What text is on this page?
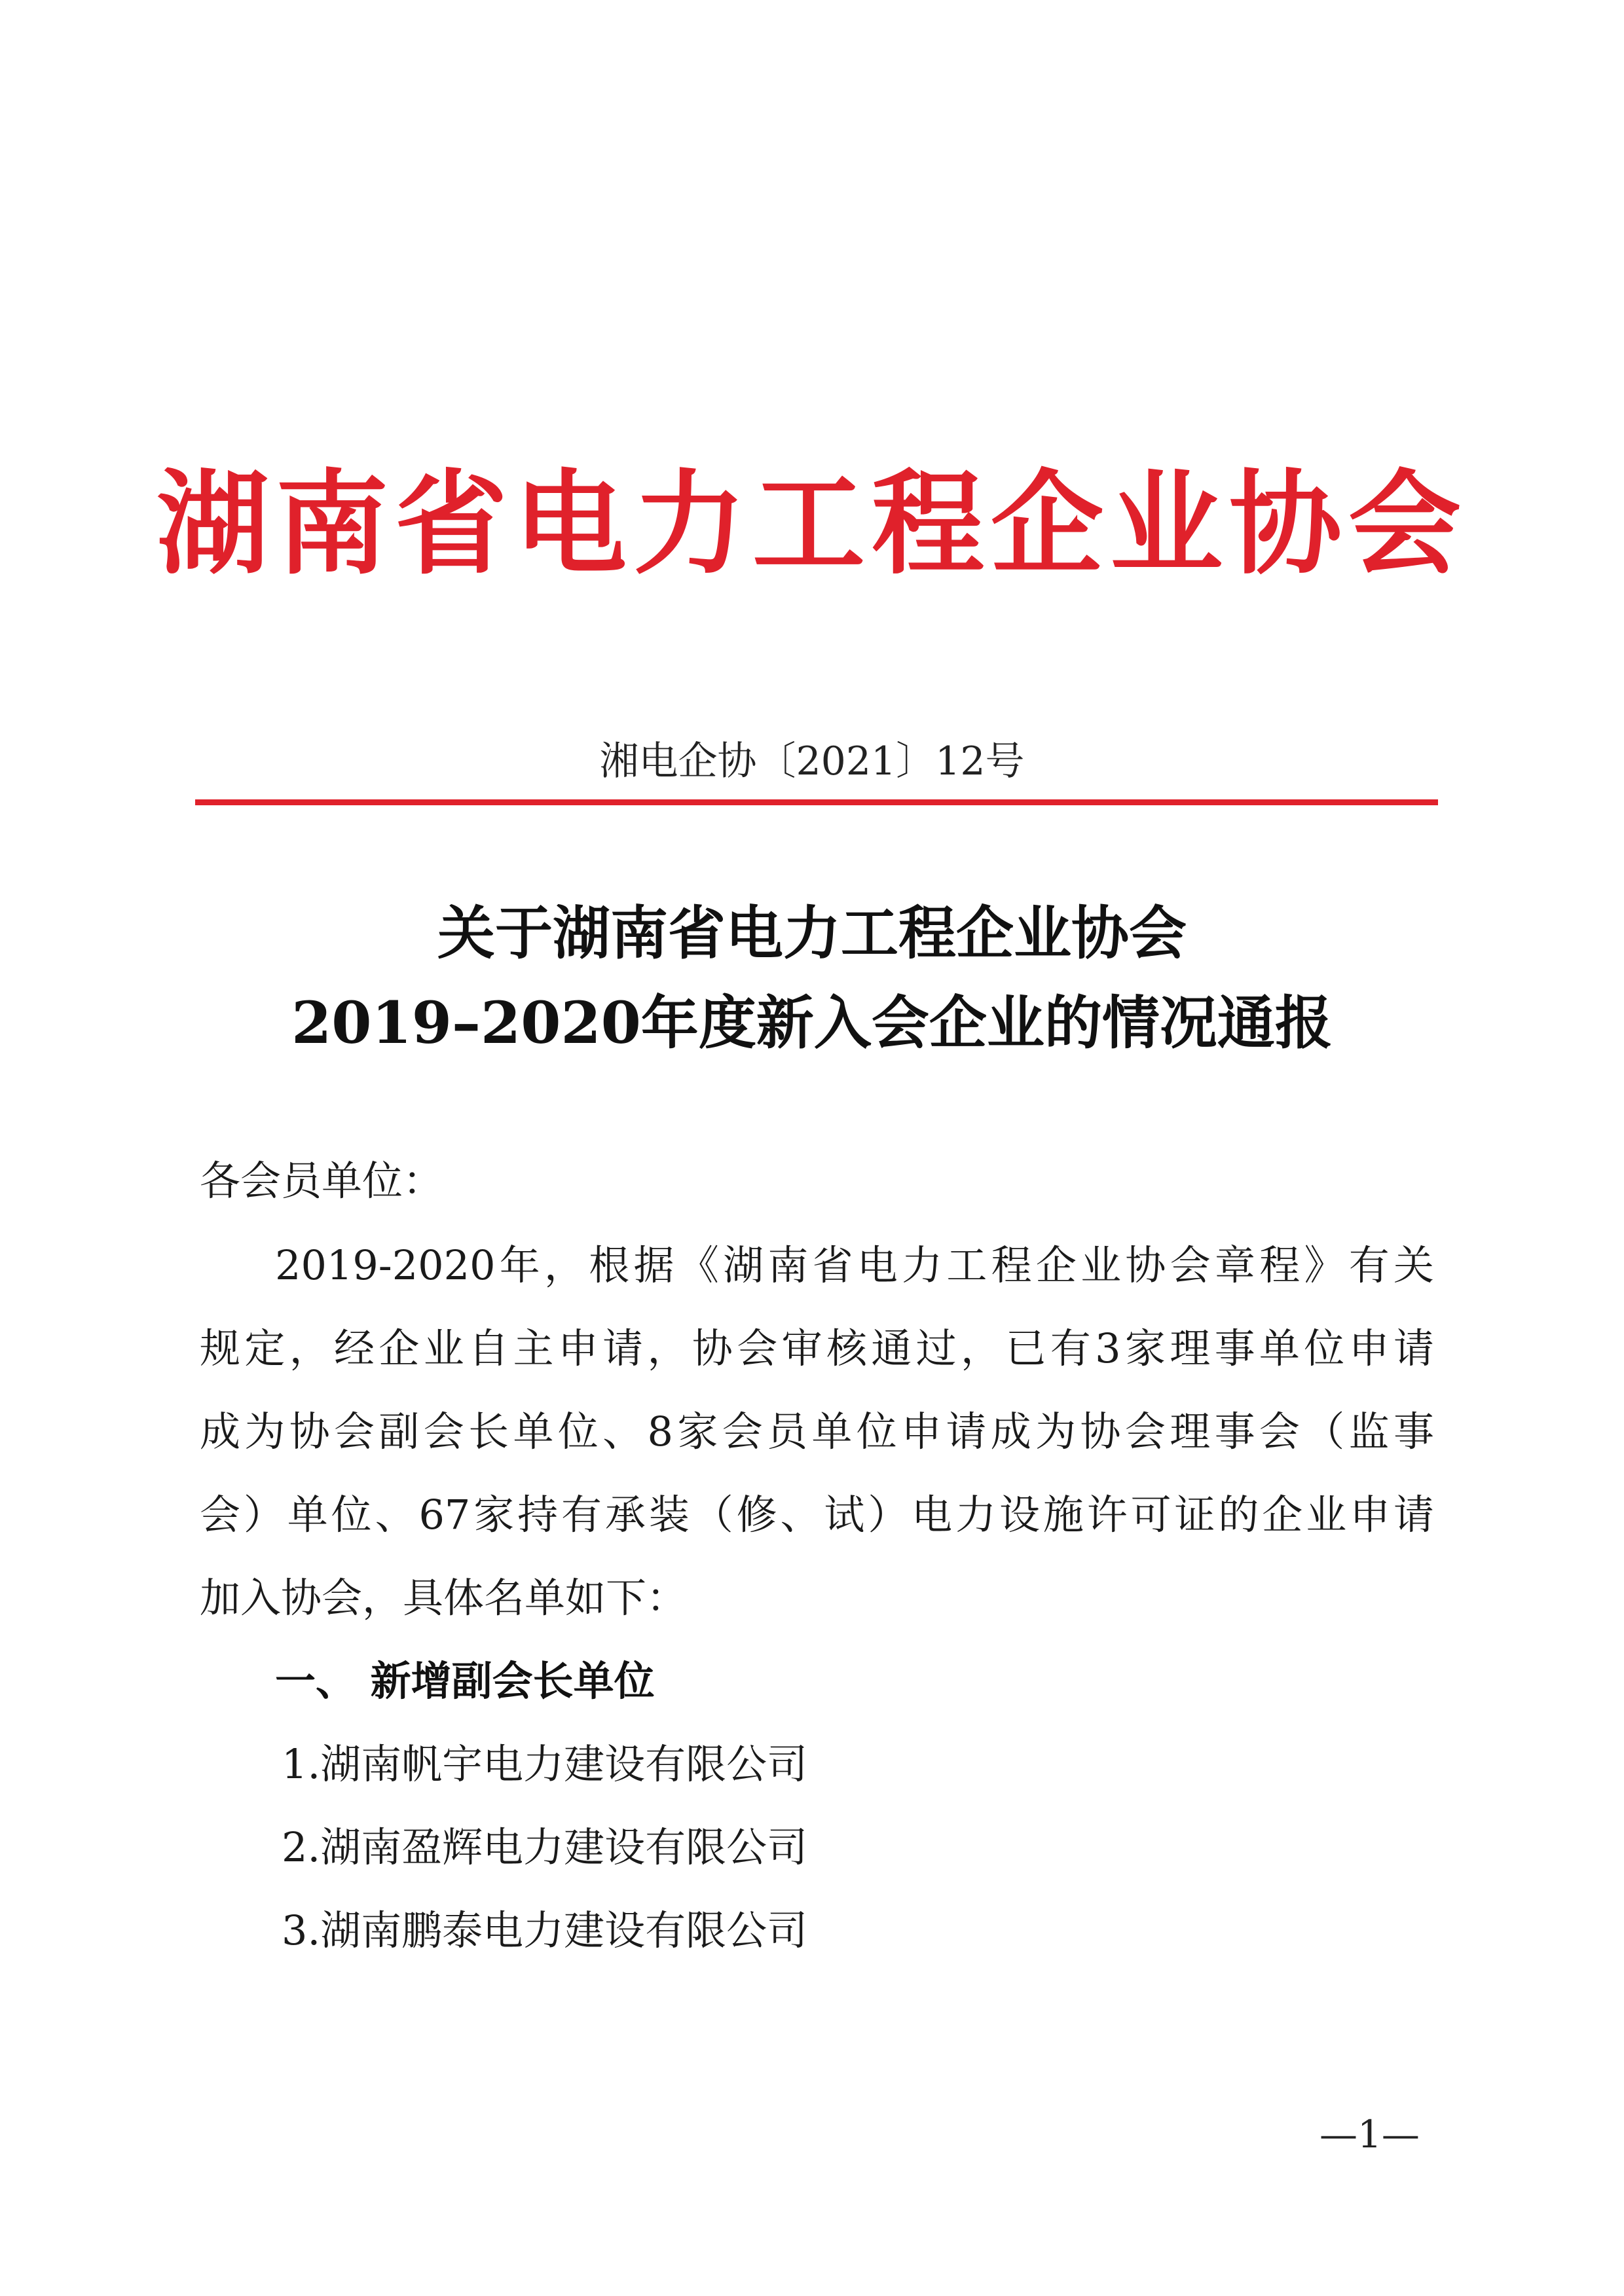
湖南省电力工程企业协会
湘电企协〔2021〕12号
关于湖南省电力工程企业协会
2019–2020年度新入会企业的情况通报
各会员单位：
2019-2020年，根据《湖南省电力工程企业协会章程》有关
规定，经企业自主申请，协会审核通过，已有3家理事单位申请
成为协会副会长单位、8家会员单位申请成为协会理事会（监事
会）单位、67家持有承装（修、试）电力设施许可证的企业申请
加入协会，具体名单如下：
一、 新增副会长单位
1.湖南帆宇电力建设有限公司
2.湖南盈辉电力建设有限公司
3.湖南鹏泰电力建设有限公司
—1—
